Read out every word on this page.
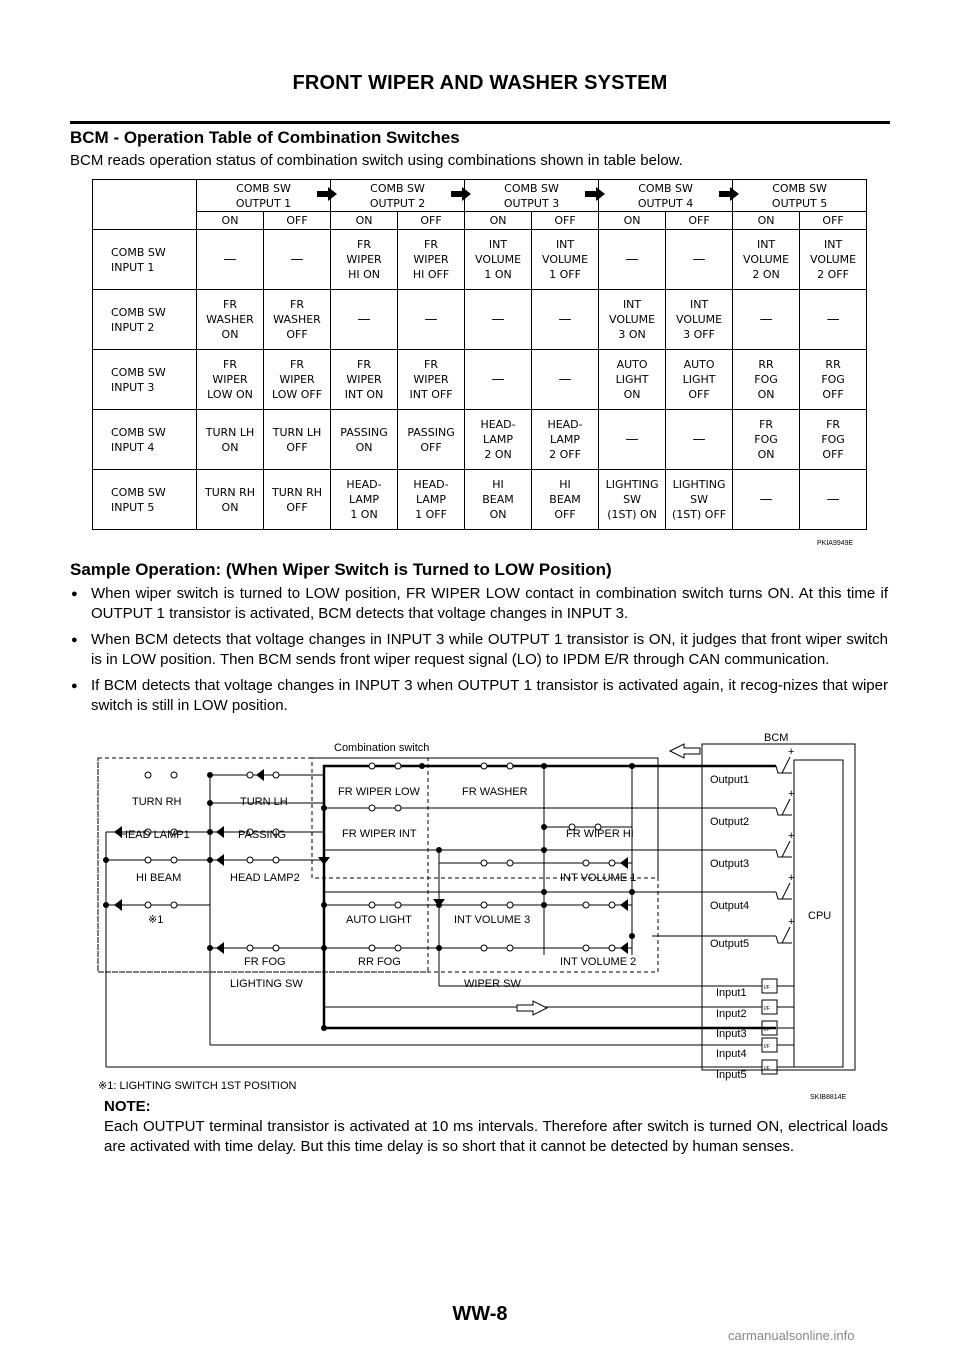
FRONT WIPER AND WASHER SYSTEM
BCM - Operation Table of Combination Switches
BCM reads operation status of combination switch using combinations shown in table below.
	COMB SW
OUTPUT 1		COMB SW
OUTPUT 2		COMB SW
OUTPUT 3		COMB SW
OUTPUT 4		COMB SW
OUTPUT 5	

	ON	OFF	ON	OFF	ON	OFF	ON	OFF	ON	OFF
COMB SW
INPUT 1	—	—	FR
WIPER
HI ON	FR
WIPER
HI OFF	INT
VOLUME
1 ON	INT
VOLUME
1 OFF	—	—	INT
VOLUME
2 ON	INT
VOLUME
2 OFF
COMB SW
INPUT 2	FR
WASHER
ON	FR
WASHER
OFF	—	—	—	—	INT
VOLUME
3 ON	INT
VOLUME
3 OFF	—	—
COMB SW
INPUT 3	FR
WIPER
LOW ON	FR
WIPER
LOW OFF	FR
WIPER
INT ON	FR
WIPER
INT OFF	—	—	AUTO
LIGHT
ON	AUTO
LIGHT
OFF	RR
FOG
ON	RR
FOG
OFF
COMB SW
INPUT 4	TURN LH
ON	TURN LH
OFF	PASSING
ON	PASSING
OFF	HEAD-
LAMP
2 ON	HEAD-
LAMP
2 OFF	—	—	FR
FOG
ON	FR
FOG
OFF
COMB SW
INPUT 5	TURN RH
ON	TURN RH
OFF	HEAD-
LAMP
1 ON	HEAD-
LAMP
1 OFF	HI
BEAM
ON	HI
BEAM
OFF	LIGHTING
SW
(1ST) ON	LIGHTING
SW
(1ST) OFF	—	—
PKIA9949E
Sample Operation: (When Wiper Switch is Turned to LOW Position)
● When wiper switch is turned to LOW position, FR WIPER LOW contact in combination switch turns ON. At this time if OUTPUT 1 transistor is activated, BCM detects that voltage changes in INPUT 3.
● When BCM detects that voltage changes in INPUT 3 while OUTPUT 1 transistor is ON, it judges that front wiper switch is in LOW position. Then BCM sends front wiper request signal (LO) to IPDM E/R through CAN communication.
● If BCM detects that voltage changes in INPUT 3 when OUTPUT 1 transistor is activated again, it recog-nizes that wiper switch is still in LOW position.
Combination switch
BCM
CPU
Output1
Output2
Output3
Output4
Output5
Input1
Input2
Input3
Input4
Input5
+
+
+
+
+
TURN RH	TURN LH
HEAD LAMP1	PASSING
HI BEAM	HEAD LAMP2
※1
FR FOG
LIGHTING SW
FR WIPER LOW	FR WASHER
FR WIPER INT	FR WIPER HI
INT VOLUME 1
AUTO LIGHT	INT VOLUME 3
RR FOG	INT VOLUME 2
WIPER SW
※1: LIGHTING SWITCH 1ST POSITION
I/F
I/F
I/F
I/F
I/F
SKIB8814E
NOTE:
Each OUTPUT terminal transistor is activated at 10 ms intervals. Therefore after switch is turned ON, electrical loads are activated with time delay. But this time delay is so short that it cannot be detected by human senses.
WW-8
carmanualsonline.info
